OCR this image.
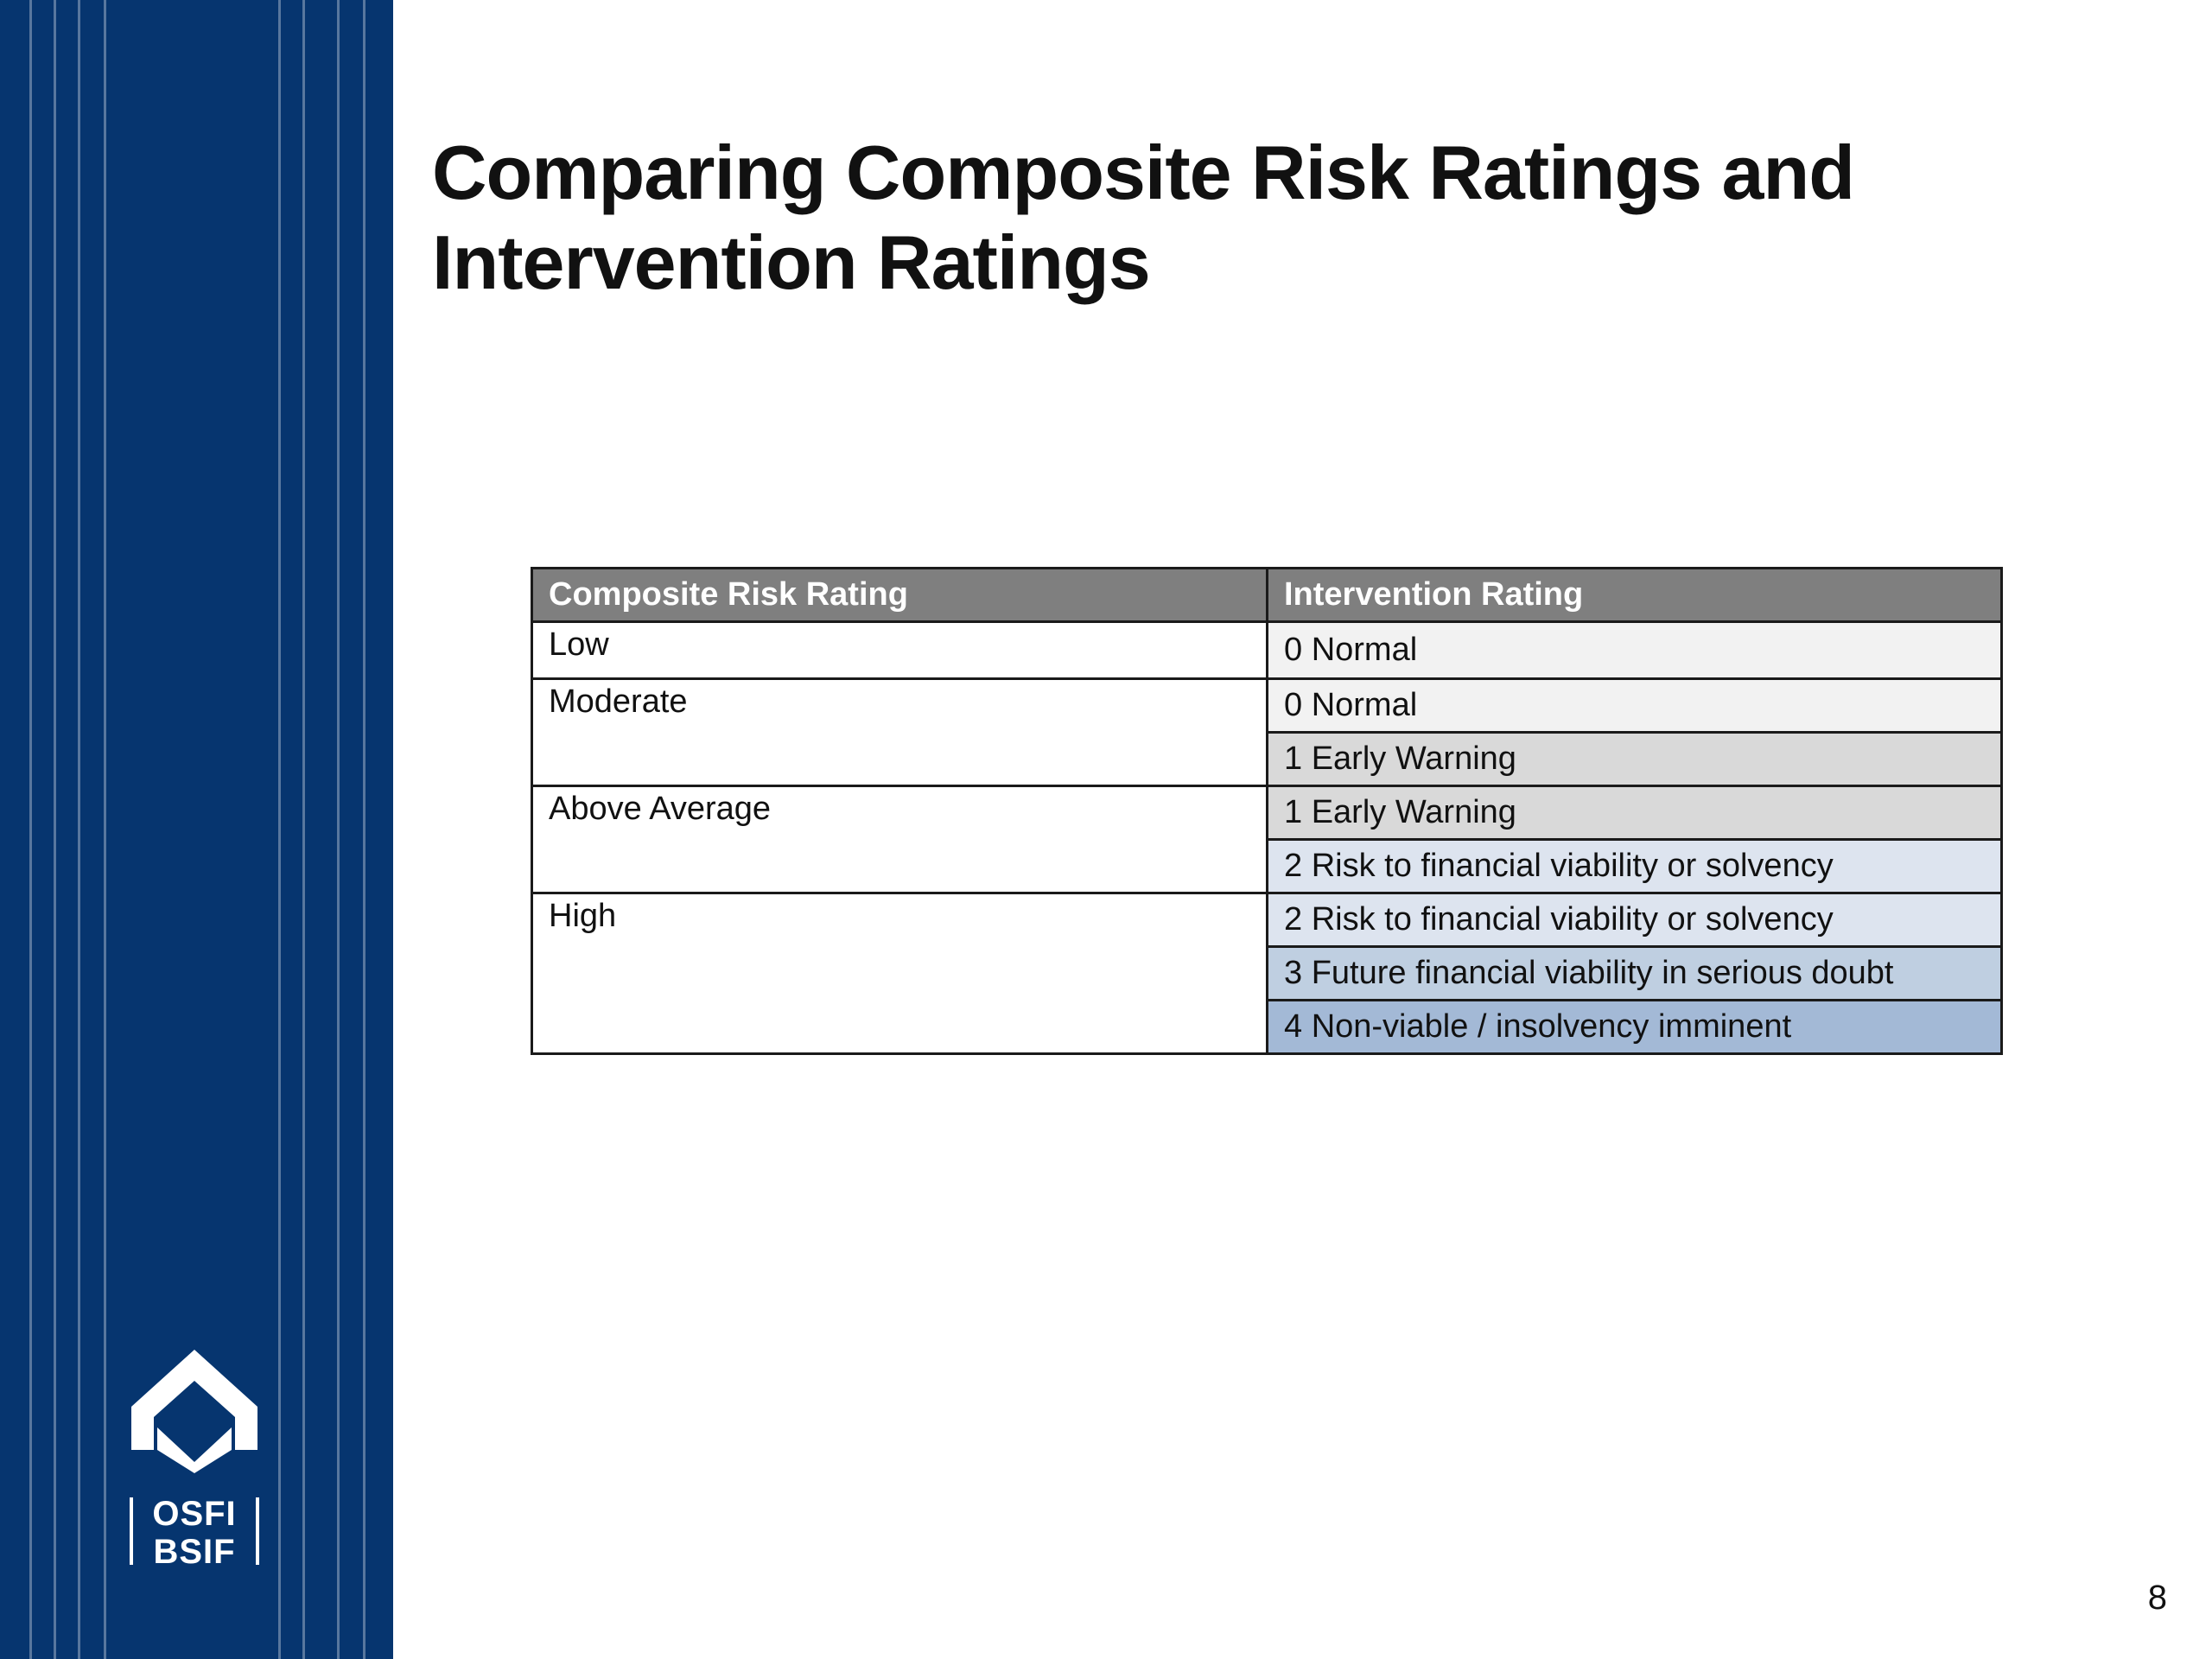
OSFI
BSIF
Comparing Composite Risk Ratings and
Intervention Ratings
Composite Risk Rating	Intervention Rating
Low	0 Normal
Moderate	0 Normal
	1 Early Warning
Above Average	1 Early Warning
	2 Risk to financial viability or solvency
High	2 Risk to financial viability or solvency
	3 Future financial viability in serious doubt
	4 Non-viable / insolvency imminent
8
